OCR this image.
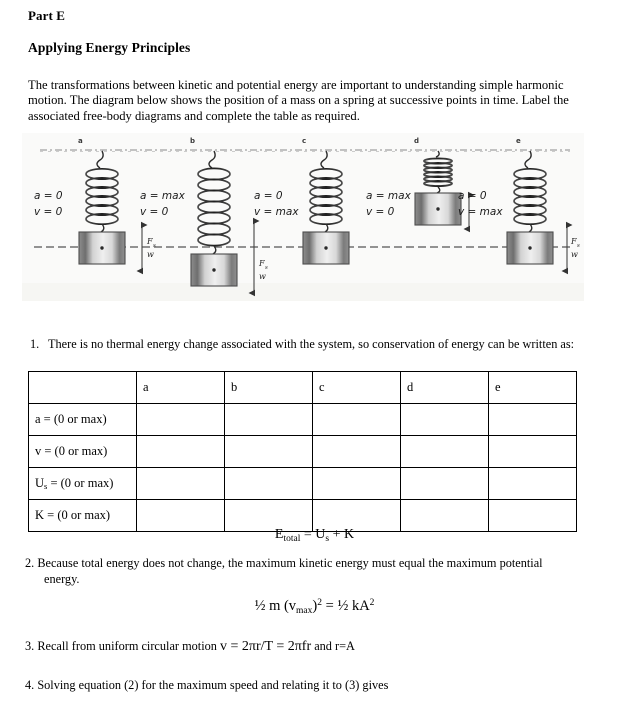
Part E
Applying Energy Principles
The transformations between kinetic and potential energy are important to understanding simple harmonic motion. The diagram below shows the position of a mass on a spring at successive points in time. Label the associated free-body diagrams and complete the table as required.
a
a = 0
v = 0
F s
w
b
a = max
v = 0
F s
w
c
a = 0
v = max
d
a = max
v = 0
e
a = 0
v = max
F s
w
1. There is no thermal energy change associated with the system, so conservation of energy can be written as:
	a	b	c	d	e
a = (0 or max)					
v = (0 or max)					
$U_s = (0$ or max)					
K = (0 or max)					
$E_{total} = U_s + K$
2. Because total energy does not change, the maximum kinetic energy must equal the maximum potential
energy.
½ m $(v_{max})^2$ = ½ $kA^2$
3. Recall from uniform circular motion v = 2πr/T = 2πfr and r=A
4. Solving equation (2) for the maximum speed and relating it to (3) gives
